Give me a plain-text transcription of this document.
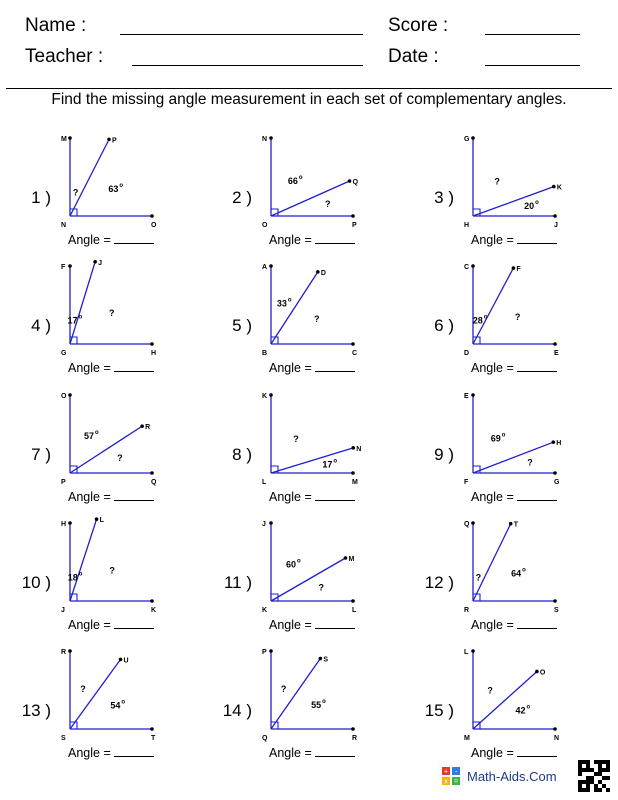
Name :	Score :
Teacher :	Date :
Find the missing angle measurement in each set of complementary angles.
1 )
Angle =
M
N	O
P
63 o
?	2 )
Angle =
N
O	P
Q
66 o
?	3 )
Angle =
G
H	J
K
20 o
?
4 )
Angle =
F
G	H
J
17 o	?
5 )
Angle =
A
B	C
D
33 o
?	6 )
Angle =
C
D	E
F
28 o	?
7 )
Angle =
O
P	Q
R
57 o
?	8 )
Angle =
K
L	M
N
17 o
?
9 )
Angle =
E
F	G
H
69 o
?
10 )
Angle =
H
J	K
L
18 o	?
11 )
Angle =
J
K	L
M
60 o
?	12 )
Angle =
Q
R	S
T
64 o
?
13 )
Angle =
R
S	T
U
54 o
?
14 )
Angle =
P
Q	R
S
55 o
?
15 )
Angle =
L
M	N
O
42 o
?
+ -
x = Math-Aids.Com
